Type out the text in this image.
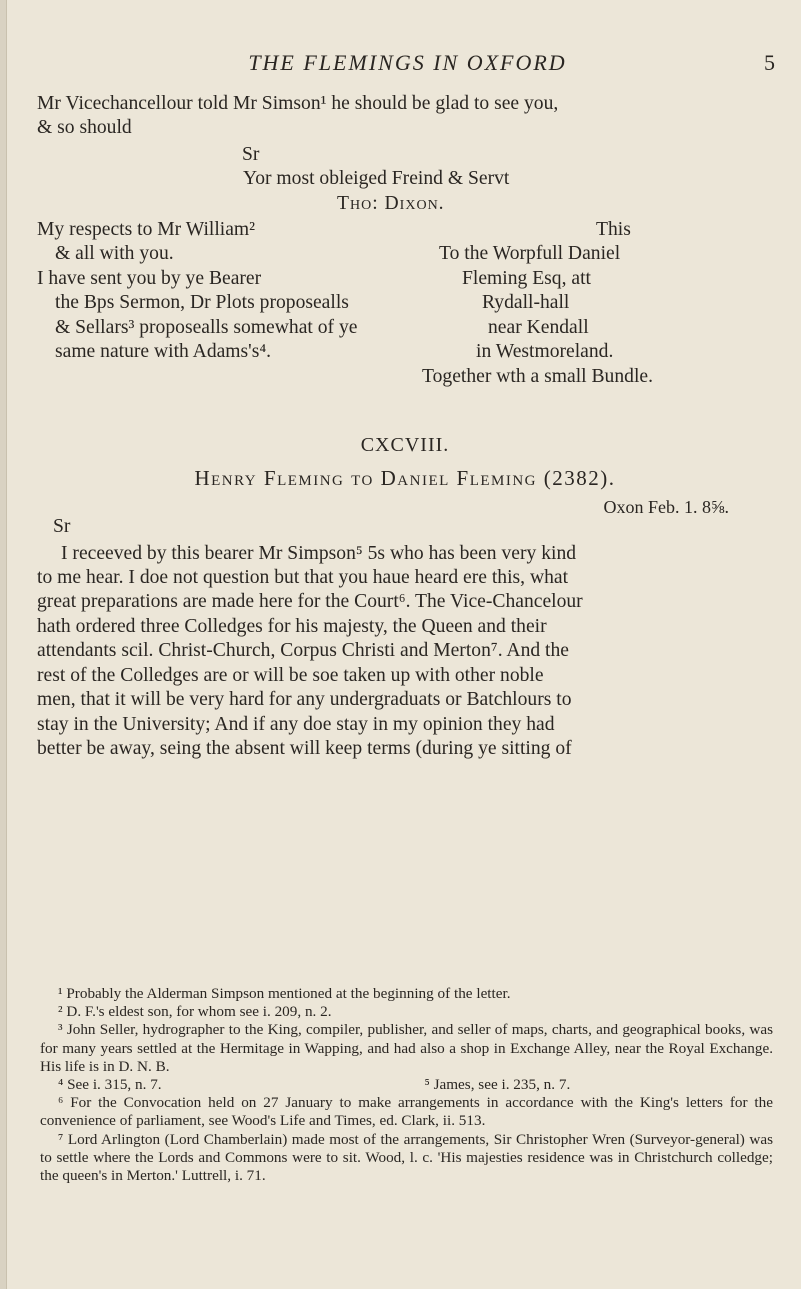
THE FLEMINGS IN OXFORD	5
Mr Vicechancellour told Mr Simson¹ he should be glad to see you,
& so should
Sr
Yor most obleiged Freind & Servt
Tho: Dixon.
My respects to Mr William²
& all with you.
I have sent you by ye Bearer
the Bps Sermon, Dr Plots proposealls
& Sellars³ proposealls somewhat of ye
same nature with Adams's⁴.
This
To the Worpfull Daniel
Fleming Esq, att
Rydall-hall
near Kendall
in Westmoreland.
Together wth a small Bundle.
CXCVIII.
Henry Fleming to Daniel Fleming (2382).
Oxon Feb. 1. 8⅝.
Sr
I receeved by this bearer Mr Simpson⁵ 5s who has been very kind
to me hear. I doe not question but that you haue heard ere this, what
great preparations are made here for the Court⁶. The Vice-Chancelour
hath ordered three Colledges for his majesty, the Queen and their
attendants scil. Christ-Church, Corpus Christi and Merton⁷. And the
rest of the Colledges are or will be soe taken up with other noble
men, that it will be very hard for any undergraduats or Batchlours to
stay in the University; And if any doe stay in my opinion they had
better be away, seing the absent will keep terms (during ye sitting of

¹ Probably the Alderman Simpson mentioned at the beginning of the letter.

² D. F.'s eldest son, for whom see i. 209, n. 2.

³ John Seller, hydrographer to the King, compiler, publisher, and seller of maps, charts, and geographical books, was for many years settled at the Hermitage in Wapping, and had also a shop in Exchange Alley, near the Royal Exchange. His life is in D. N. B.

⁴ See i. 315, n. 7.	⁵ James, see i. 235, n. 7.

⁶ For the Convocation held on 27 January to make arrangements in accordance with the King's letters for the convenience of parliament, see Wood's Life and Times, ed. Clark, ii. 513.

⁷ Lord Arlington (Lord Chamberlain) made most of the arrangements, Sir Christopher Wren (Surveyor-general) was to settle where the Lords and Commons were to sit. Wood, l. c. 'His majesties residence was in Christchurch colledge; the queen's in Merton.' Luttrell, i. 71.
